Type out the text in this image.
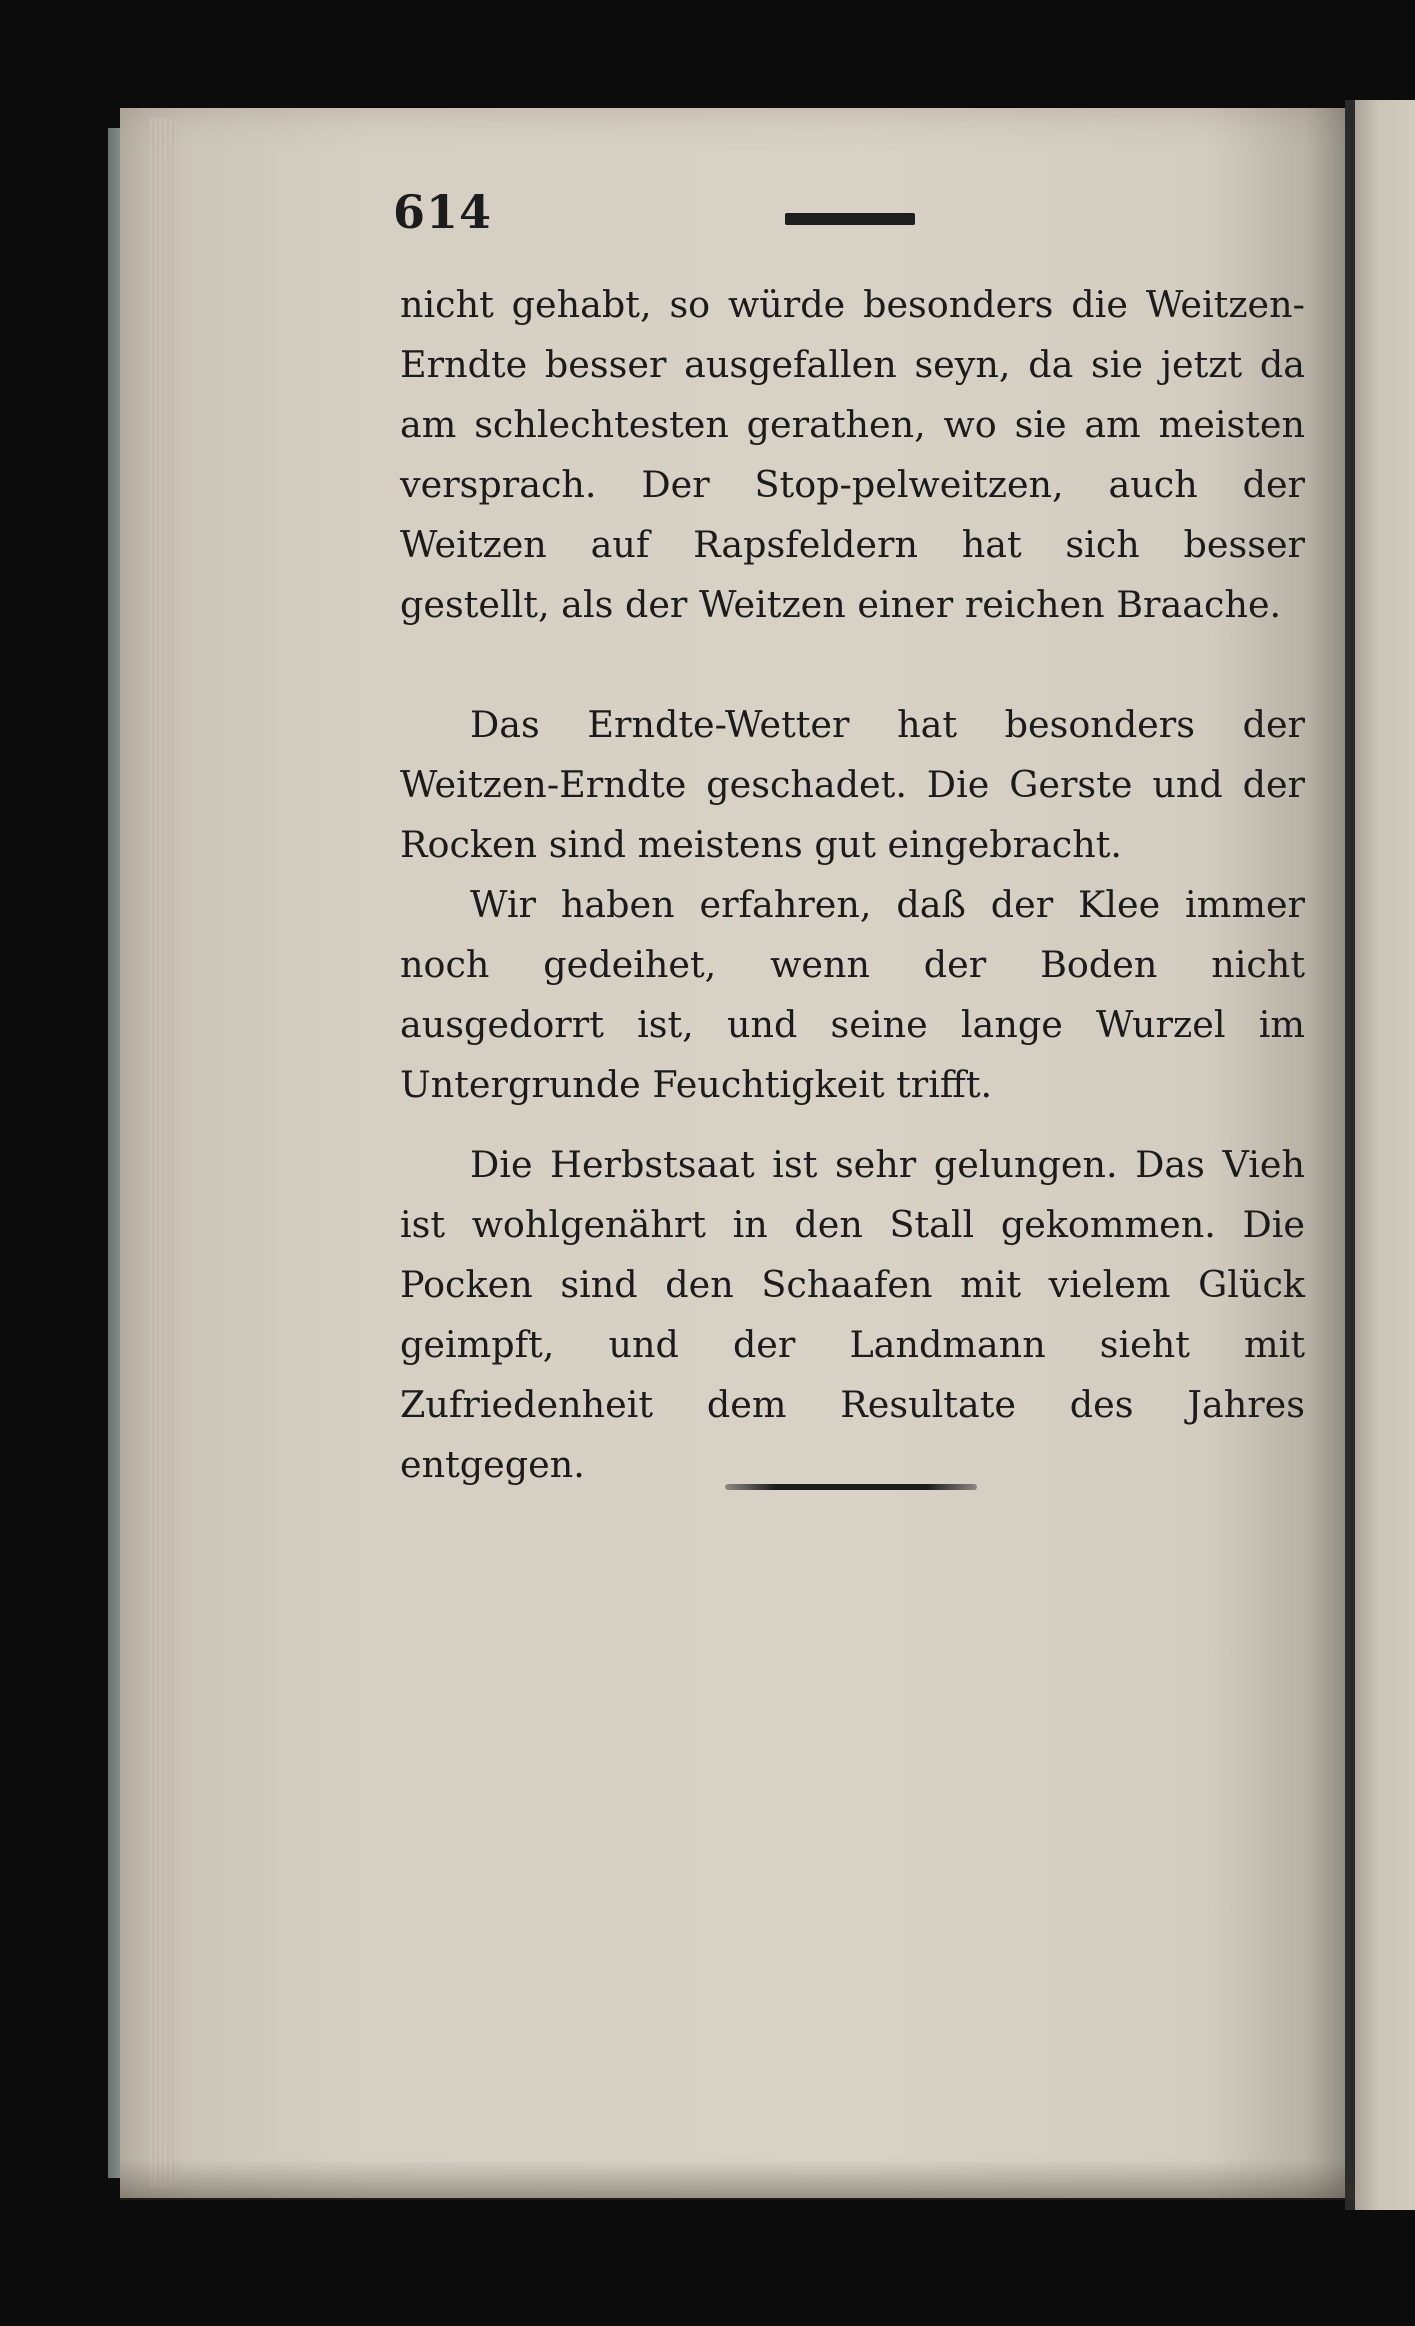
614

nicht gehabt, so würde besonders die Weitzen-Erndte besser ausgefallen seyn, da sie jetzt da am schlechtesten gerathen, wo sie am meisten versprach. Der Stop-pelweitzen, auch der Weitzen auf Rapsfeldern hat sich besser gestellt, als der Weitzen einer reichen Braache.

Das Erndte-Wetter hat besonders der Weitzen-Erndte geschadet. Die Gerste und der Rocken sind meistens gut eingebracht.

Wir haben erfahren, daß der Klee immer noch gedeihet, wenn der Boden nicht ausgedorrt ist, und seine lange Wurzel im Untergrunde Feuchtigkeit trifft.

Die Herbstsaat ist sehr gelungen. Das Vieh ist wohlgenährt in den Stall gekommen. Die Pocken sind den Schaafen mit vielem Glück geimpft, und der Landmann sieht mit Zufriedenheit dem Resultate des Jahres entgegen.
